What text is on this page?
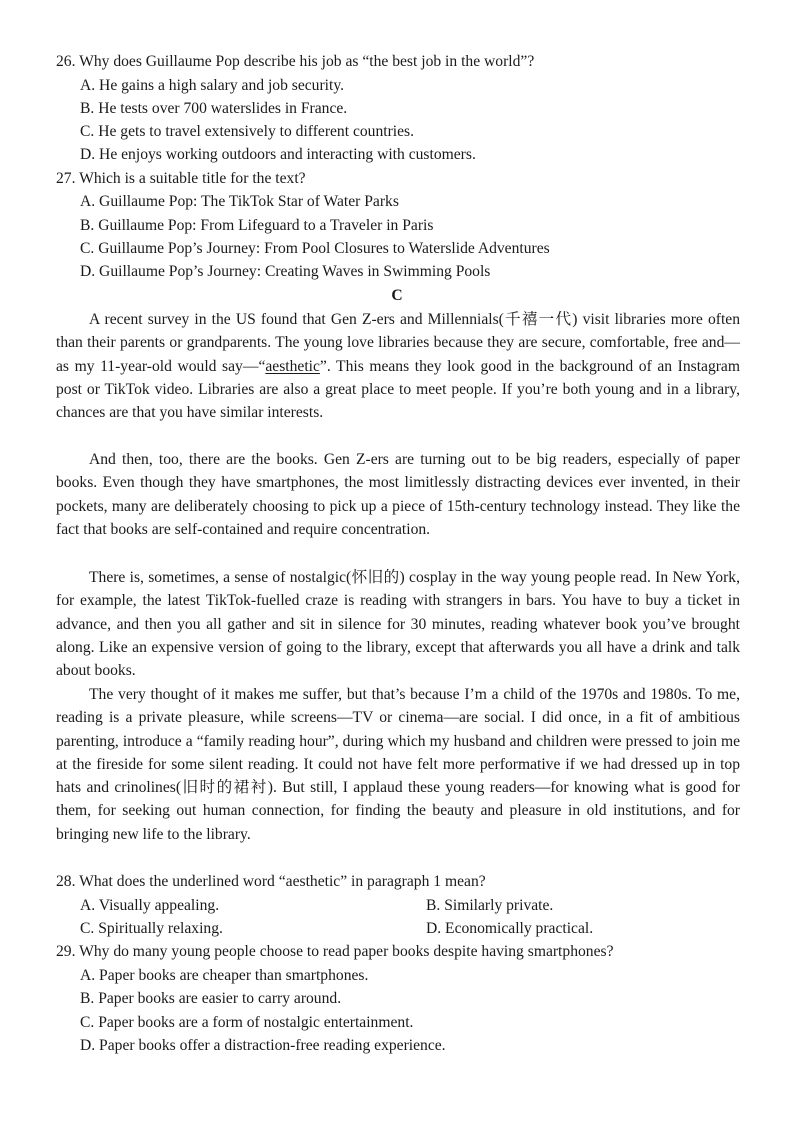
26. Why does Guillaume Pop describe his job as “the best job in the world”?
A. He gains a high salary and job security.
B. He tests over 700 waterslides in France.
C. He gets to travel extensively to different countries.
D. He enjoys working outdoors and interacting with customers.
27. Which is a suitable title for the text?
A. Guillaume Pop: The TikTok Star of Water Parks
B. Guillaume Pop: From Lifeguard to a Traveler in Paris
C. Guillaume Pop’s Journey: From Pool Closures to Waterslide Adventures
D. Guillaume Pop’s Journey: Creating Waves in Swimming Pools
C

A recent survey in the US found that Gen Z-ers and Millennials(千禧一代) visit libraries more often than their parents or grandparents. The young love libraries because they are secure, comfortable, free and—as my 11-year-old would say—“aesthetic”. This means they look good in the background of an Instagram post or TikTok video. Libraries are also a great place to meet people. If you’re both young and in a library, chances are that you have similar interests.

And then, too, there are the books. Gen Z-ers are turning out to be big readers, especially of paper books. Even though they have smartphones, the most limitlessly distracting devices ever invented, in their pockets, many are deliberately choosing to pick up a piece of 15th-century technology instead. They like the fact that books are self-contained and require concentration.

There is, sometimes, a sense of nostalgic(怀旧的) cosplay in the way young people read. In New York, for example, the latest TikTok-fuelled craze is reading with strangers in bars. You have to buy a ticket in advance, and then you all gather and sit in silence for 30 minutes, reading whatever book you’ve brought along. Like an expensive version of going to the library, except that afterwards you all have a drink and talk about books.

The very thought of it makes me suffer, but that’s because I’m a child of the 1970s and 1980s. To me, reading is a private pleasure, while screens—TV or cinema—are social. I did once, in a fit of ambitious parenting, introduce a “family reading hour”, during which my husband and children were pressed to join me at the fireside for some silent reading. It could not have felt more performative if we had dressed up in top hats and crinolines(旧时的裙衬). But still, I applaud these young readers—for knowing what is good for them, for seeking out human connection, for finding the beauty and pleasure in old institutions, and for bringing new life to the library.

28. What does the underlined word “aesthetic” in paragraph 1 mean?
A. Visually appealing.	B. Similarly private.
C. Spiritually relaxing.	D. Economically practical.
29. Why do many young people choose to read paper books despite having smartphones?
A. Paper books are cheaper than smartphones.
B. Paper books are easier to carry around.
C. Paper books are a form of nostalgic entertainment.
D. Paper books offer a distraction-free reading experience.
